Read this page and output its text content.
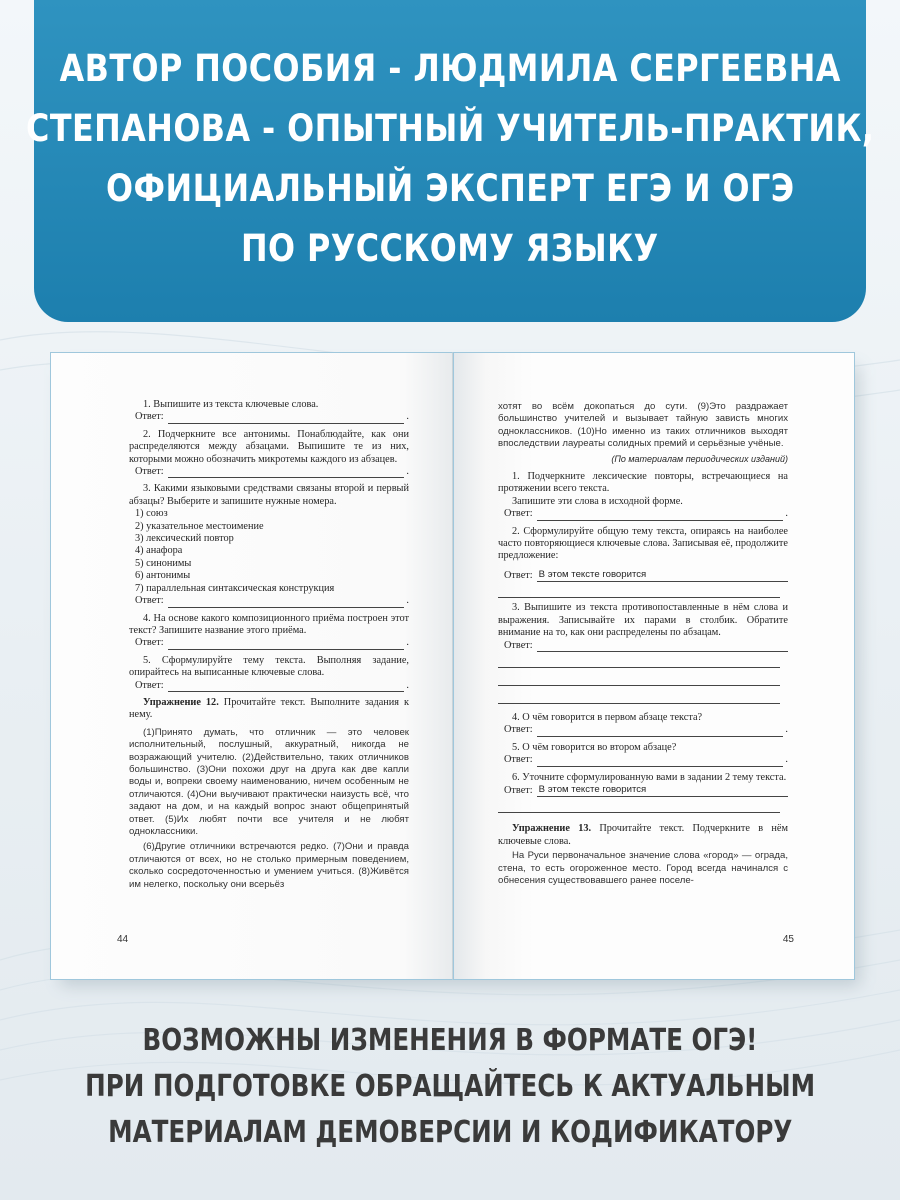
АВТОР ПОСОБИЯ - ЛЮДМИЛА СЕРГЕЕВНА
СТЕПАНОВА - ОПЫТНЫЙ УЧИТЕЛЬ-ПРАКТИК,
ОФИЦИАЛЬНЫЙ ЭКСПЕРТ ЕГЭ И ОГЭ
ПО РУССКОМУ ЯЗЫКУ
1. Выпишите из текста ключевые слова.
Ответ:	.
2. Подчеркните все антонимы. Понаблюдайте, как они распределяются между абзацами. Выпишите те из них, которыми можно обозначить микротемы каждого из абзацев.
Ответ:	.
3. Какими языковыми средствами связаны второй и первый абзацы? Выберите и запишите нужные номера.
1) союз
2) указательное местоимение
3) лексический повтор
4) анафора
5) синонимы
6) антонимы
7) параллельная синтаксическая конструкция
Ответ:	.
4. На основе какого композиционного приёма построен этот текст? Запишите название этого приёма.
Ответ:	.
5. Сформулируйте тему текста. Выполняя задание, опирайтесь на выписанные ключевые слова.
Ответ:	.
Упражнение 12. Прочитайте текст. Выполните задания к нему.
(1)Принято думать, что отличник — это человек исполнительный, послушный, аккуратный, никогда не возражающий учителю. (2)Действительно, таких отличников большинство. (3)Они похожи друг на друга как две капли воды и, вопреки своему наименованию, ничем особенным не отличаются. (4)Они выучивают практически наизусть всё, что задают на дом, и на каждый вопрос знают общепринятый ответ. (5)Их любят почти все учителя и не любят одноклассники.
(6)Другие отличники встречаются редко. (7)Они и правда отличаются от всех, но не столько примерным поведением, сколько сосредоточенностью и умением учиться. (8)Живётся им нелегко, поскольку они всерьёз
44
хотят во всём докопаться до сути. (9)Это раздражает большинство учителей и вызывает тайную зависть многих одноклассников. (10)Но именно из таких отличников выходят впоследствии лауреаты солидных премий и серьёзные учёные.
(По материалам периодических изданий)
1. Подчеркните лексические повторы, встречающиеся на протяжении всего текста.
Запишите эти слова в исходной форме.
Ответ:	.
2. Сформулируйте общую тему текста, опираясь на наиболее часто повторяющиеся ключевые слова. Записывая её, продолжите предложение:
Ответ: В этом тексте говорится
3. Выпишите из текста противопоставленные в нём слова и выражения. Записывайте их парами в столбик. Обратите внимание на то, как они распределены по абзацам.
Ответ:
4. О чём говорится в первом абзаце текста?
Ответ:	.
5. О чём говорится во втором абзаце?
Ответ:	.
6. Уточните сформулированную вами в задании 2 тему текста.
Ответ: В этом тексте говорится
Упражнение 13. Прочитайте текст. Подчеркните в нём ключевые слова.
На Руси первоначальное значение слова «город» — ограда, стена, то есть огороженное место. Город всегда начинался с обнесения существовавшего ранее поселе-
45
ВОЗМОЖНЫ ИЗМЕНЕНИЯ В ФОРМАТЕ ОГЭ!
ПРИ ПОДГОТОВКЕ ОБРАЩАЙТЕСЬ К АКТУАЛЬНЫМ
МАТЕРИАЛАМ ДЕМОВЕРСИИ И КОДИФИКАТОРУ
